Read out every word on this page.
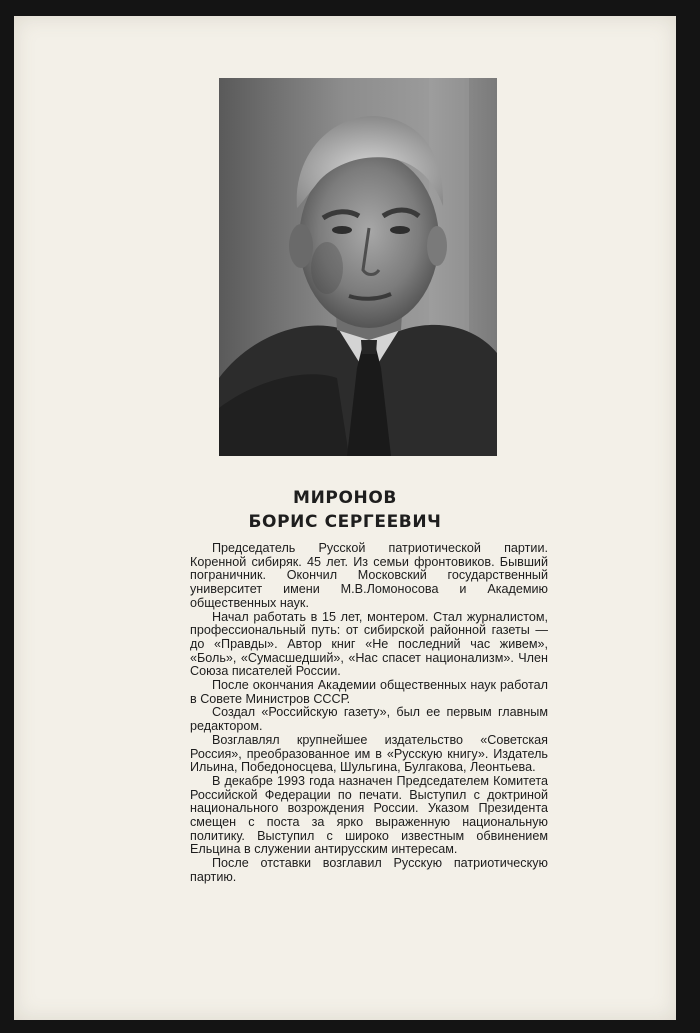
МИРОНОВ
БОРИС СЕРГЕЕВИЧ

Председатель Русской патриотической партии. Коренной сибиряк. 45 лет. Из семьи фронтовиков. Бывший пограничник. Окончил Московский государственный университет имени М.В.Ломоносова и Академию общественных наук.

Начал работать в 15 лет, монтером. Стал журналистом, профессиональный путь: от сибирской районной газеты — до «Правды». Автор книг «Не последний час живем», «Боль», «Сумасшедший», «Нас спасет национализм». Член Союза писателей России.

После окончания Академии общественных наук работал в Совете Министров СССР.

Создал «Российскую газету», был ее первым главным редактором.

Возглавлял крупнейшее издательство «Советская Россия», преобразованное им в «Русскую книгу». Издатель Ильина, Победоносцева, Шульгина, Булгакова, Леонтьева.

В декабре 1993 года назначен Председателем Комитета Российской Федерации по печати. Выступил с доктриной национального возрождения России. Указом Президента смещен с поста за ярко выраженную национальную политику. Выступил с широко известным обвинением Ельцина в служении антирусским интересам.

После отставки возглавил Русскую патриотическую партию.
